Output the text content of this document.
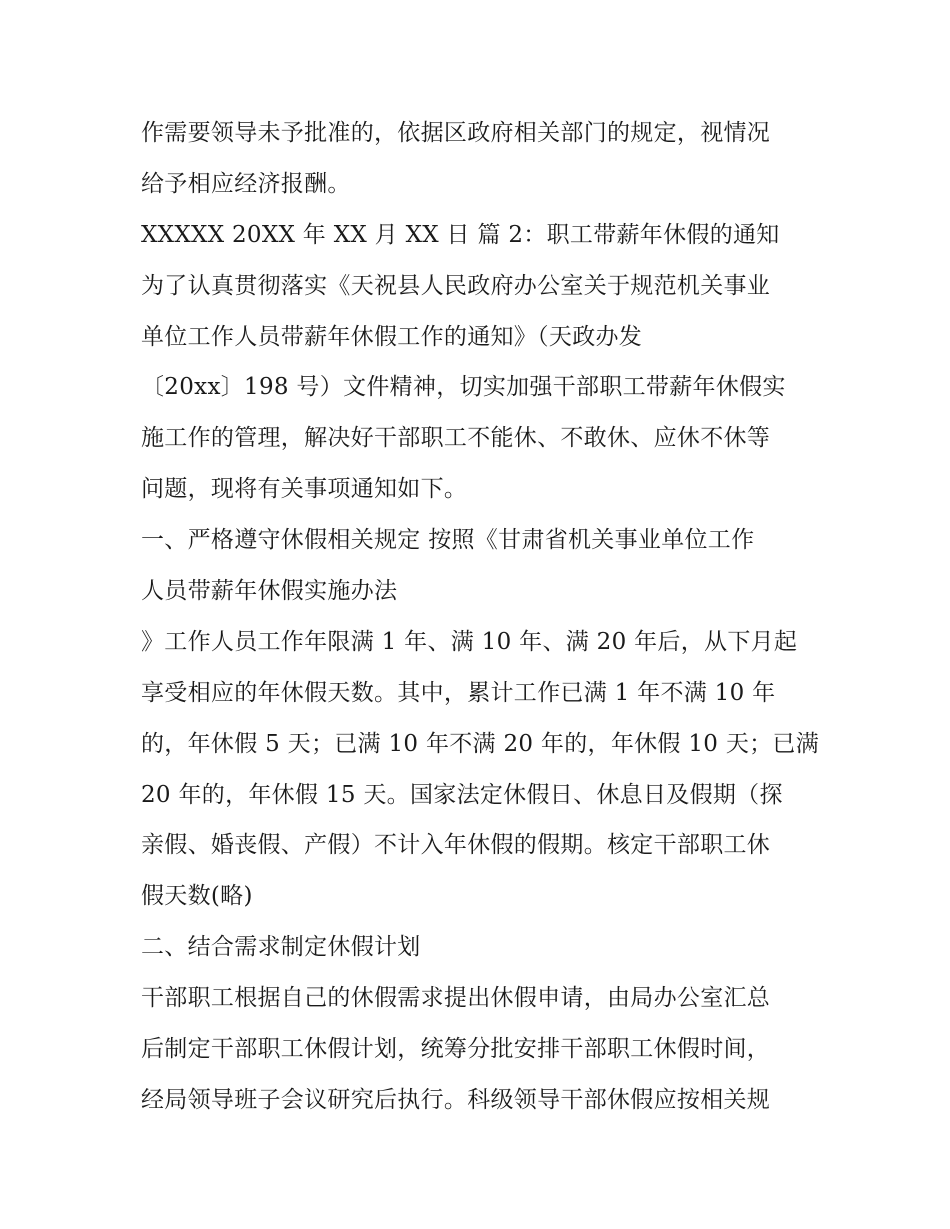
作需要领导未予批准的，依据区政府相关部门的规定，视情况
给予相应经济报酬。
XXXXX 20XX 年 XX 月 XX 日 篇 2：职工带薪年休假的通知
为了认真贯彻落实《天祝县人民政府办公室关于规范机关事业
单位工作人员带薪年休假工作的通知》（天政办发
〔20xx〕198 号）文件精神，切实加强干部职工带薪年休假实
施工作的管理，解决好干部职工不能休、不敢休、应休不休等
问题，现将有关事项通知如下。
一、严格遵守休假相关规定 按照《甘肃省机关事业单位工作
人员带薪年休假实施办法
》工作人员工作年限满 1 年、满 10 年、满 20 年后，从下月起
享受相应的年休假天数。其中，累计工作已满 1 年不满 10 年
的，年休假 5 天；已满 10 年不满 20 年的，年休假 10 天；已满
20 年的，年休假 15 天。国家法定休假日、休息日及假期（探
亲假、婚丧假、产假）不计入年休假的假期。核定干部职工休
假天数(略)
二、结合需求制定休假计划
干部职工根据自己的休假需求提出休假申请，由局办公室汇总
后制定干部职工休假计划，统筹分批安排干部职工休假时间，
经局领导班子会议研究后执行。科级领导干部休假应按相关规
